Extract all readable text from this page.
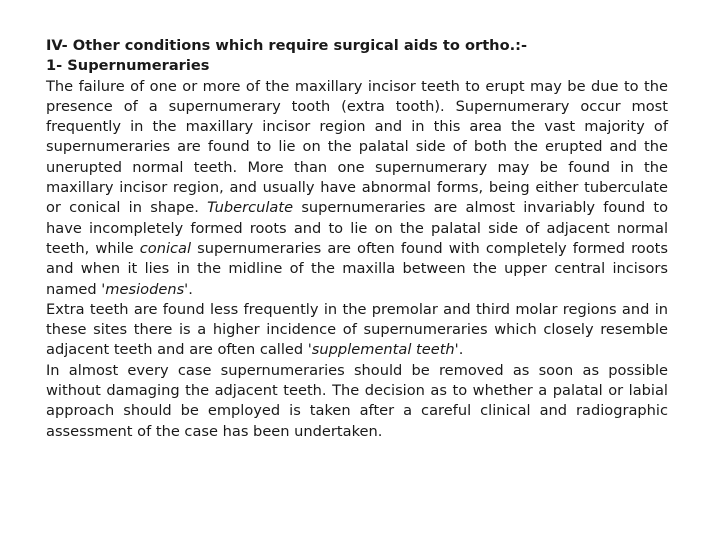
IV- Other conditions which require surgical aids to ortho.:-

1- Supernumeraries

The failure of one or more of the maxillary incisor teeth to erupt may be due to the presence of a supernumerary tooth (extra tooth). Supernumerary occur most frequently in the maxillary incisor region and in this area the vast majority of supernumeraries are found to lie on the palatal side of both the erupted and the unerupted normal teeth. More than one supernumerary may be found in the maxillary incisor region, and usually have abnormal forms, being either tuberculate or conical in shape. Tuberculate supernumeraries are almost invariably found to have incompletely formed roots and to lie on the palatal side of adjacent normal teeth, while conical supernumeraries are often found with completely formed roots and when it lies in the midline of the maxilla between the upper central incisors named 'mesiodens'.

Extra teeth are found less frequently in the premolar and third molar regions and in these sites there is a higher incidence of supernumeraries which closely resemble adjacent teeth and are often called 'supplemental teeth'.

In almost every case supernumeraries should be removed as soon as possible without damaging the adjacent teeth. The decision as to whether a palatal or labial approach should be employed is taken after a careful clinical and radiographic assessment of the case has been undertaken.
